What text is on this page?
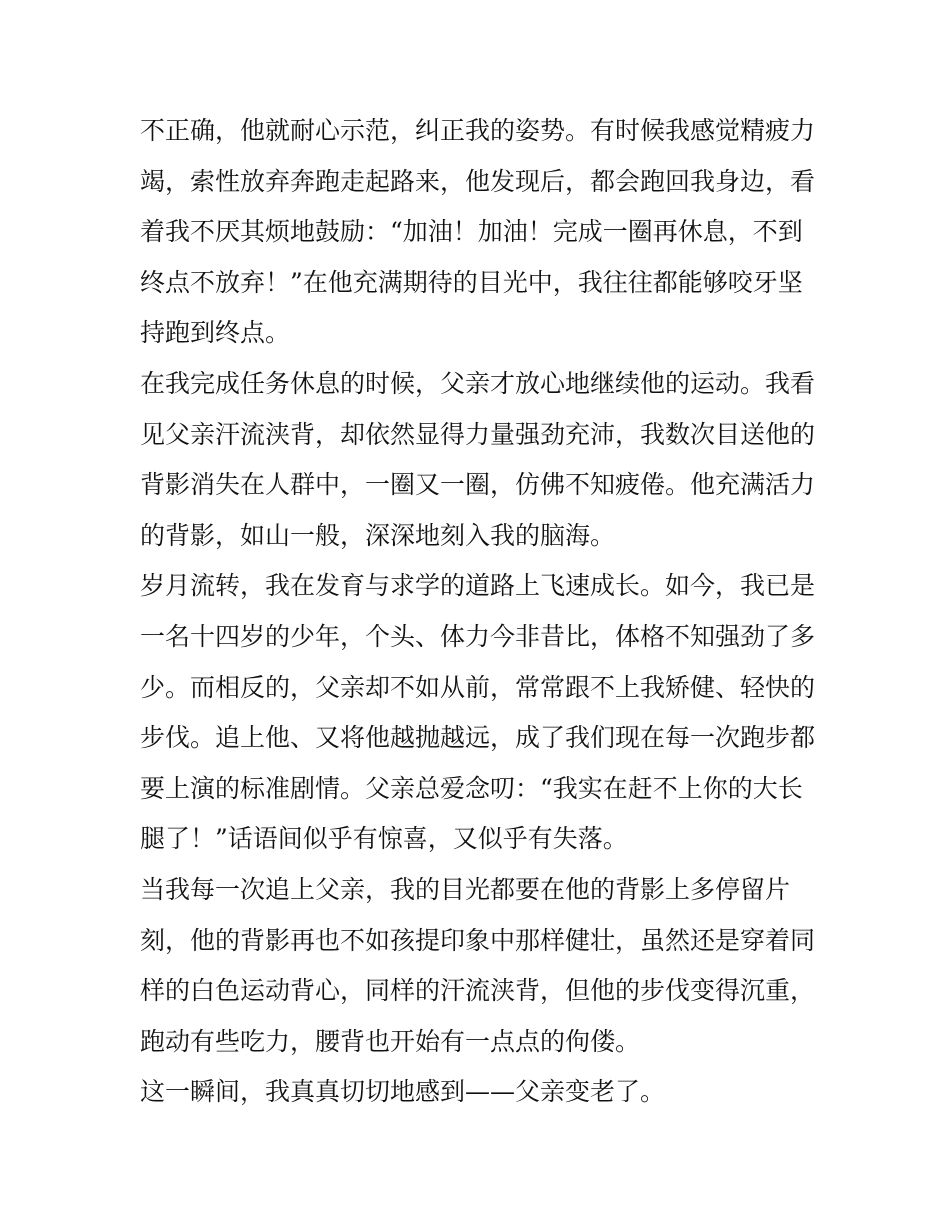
不正确，他就耐心示范，纠正我的姿势。有时候我感觉精疲力
竭，索性放弃奔跑走起路来，他发现后，都会跑回我身边，看
着我不厌其烦地鼓励：“加油！加油！完成一圈再休息，不到
终点不放弃！”在他充满期待的目光中，我往往都能够咬牙坚
持跑到终点。
在我完成任务休息的时候，父亲才放心地继续他的运动。我看
见父亲汗流浃背，却依然显得力量强劲充沛，我数次目送他的
背影消失在人群中，一圈又一圈，仿佛不知疲倦。他充满活力
的背影，如山一般，深深地刻入我的脑海。
岁月流转，我在发育与求学的道路上飞速成长。如今，我已是
一名十四岁的少年，个头、体力今非昔比，体格不知强劲了多
少。而相反的，父亲却不如从前，常常跟不上我矫健、轻快的
步伐。追上他、又将他越抛越远，成了我们现在每一次跑步都
要上演的标准剧情。父亲总爱念叨：“我实在赶不上你的大长
腿了！”话语间似乎有惊喜，又似乎有失落。
当我每一次追上父亲，我的目光都要在他的背影上多停留片
刻，他的背影再也不如孩提印象中那样健壮，虽然还是穿着同
样的白色运动背心，同样的汗流浃背，但他的步伐变得沉重，
跑动有些吃力，腰背也开始有一点点的佝偻。
这一瞬间，我真真切切地感到——父亲变老了。
